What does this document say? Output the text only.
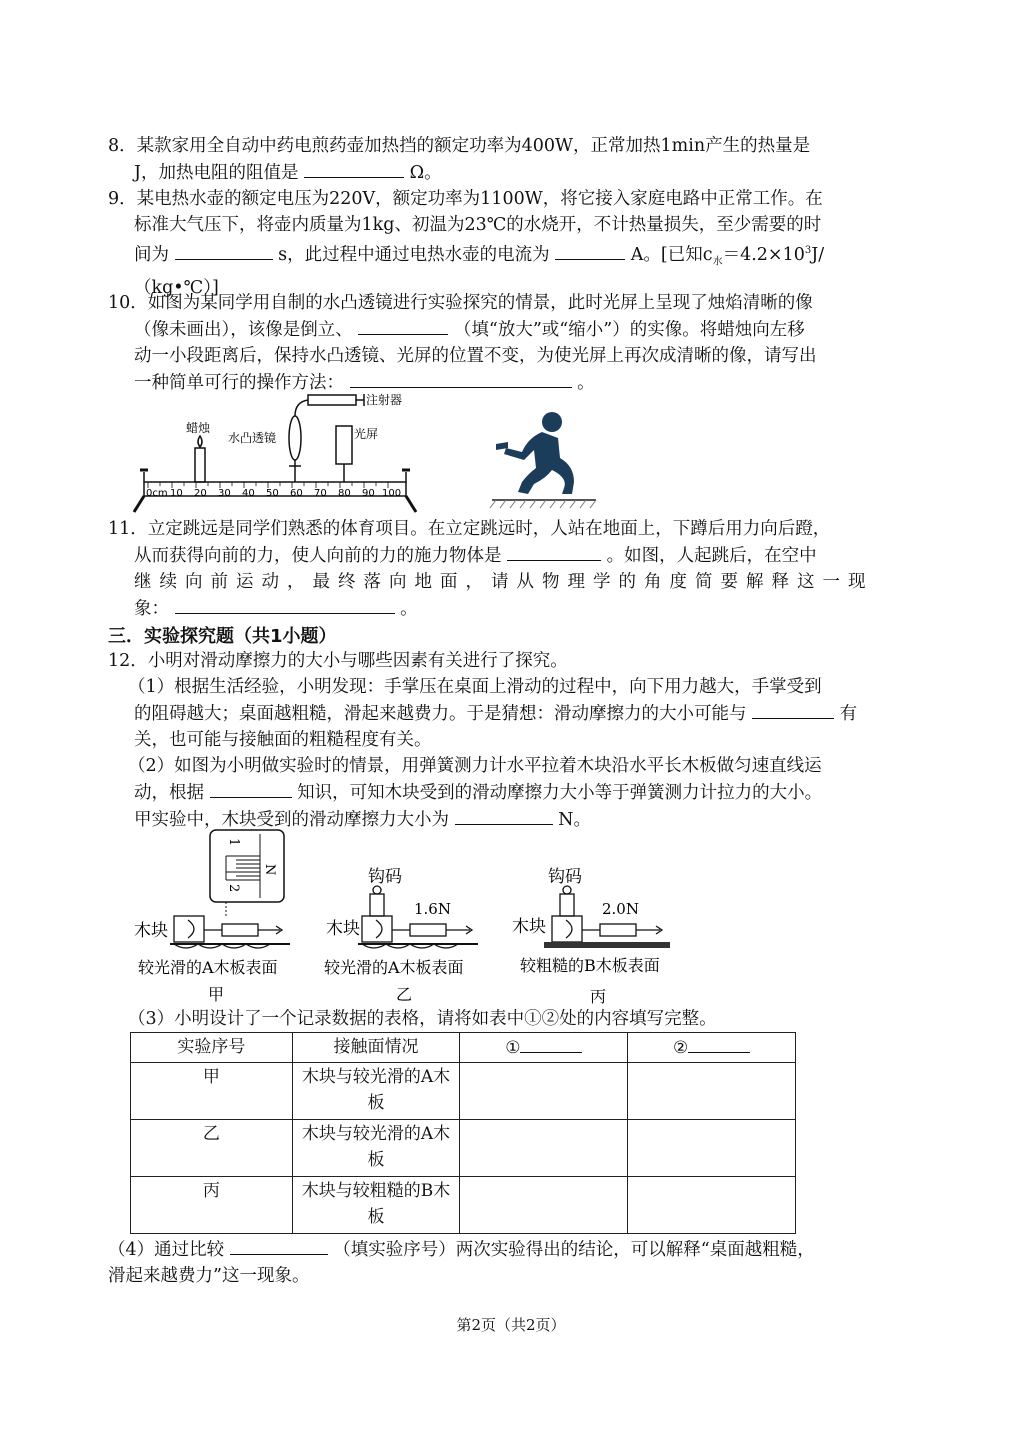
8．某款家用全自动中药电煎药壶加热挡的额定功率为400W，正常加热1min产生的热量是
J，加热电阻的阻值是	Ω。
9．某电热水壶的额定电压为220V，额定功率为1100W，将它接入家庭电路中正常工作。在
标准大气压下，将壶内质量为1kg、初温为23℃的水烧开，不计热量损失，至少需要的时
间为	s，此过程中通过电热水壶的电流为	A。[已知$c_水=4.2\times 10^3J/$
（kg•℃）]
10．如图为某同学用自制的水凸透镜进行实验探究的情景，此时光屏上呈现了烛焰清晰的像
（像未画出），该像是倒立、	（填“放大”或“缩小”）的实像。将蜡烛向左移
动一小段距离后，保持水凸透镜、光屏的位置不变，为使光屏上再次成清晰的像，请写出
一种简单可行的操作方法：	。
蜡烛
水凸透镜	光屏
注射器
0cm 10 20 30 40 50 60 70 80 90 100
11．立定跳远是同学们熟悉的体育项目。在立定跳远时，人站在地面上，下蹲后用力向后蹬，
从而获得向前的力，使人向前的力的施力物体是	。如图，人起跳后，在空中
继续向前运动，最终落向地面，请从物理学的角度简要解释这一现
象：	。
三．实验探究题（共1小题）
12．小明对滑动摩擦力的大小与哪些因素有关进行了探究。
（1）根据生活经验，小明发现：手掌压在桌面上滑动的过程中，向下用力越大，手掌受到
的阻碍越大；桌面越粗糙，滑起来越费力。于是猜想：滑动摩擦力的大小可能与	有
关，也可能与接触面的粗糙程度有关。
（2）如图为小明做实验时的情景，用弹簧测力计水平拉着木块沿水平长木板做匀速直线运
动，根据	知识，可知木块受到的滑动摩擦力大小等于弹簧测力计拉力的大小。
甲实验中，木块受到的滑动摩擦力大小为	N。
1
2
N
木块
较光滑的A木板表面
甲
钩码
1.6N
木块
较光滑的A木板表面
乙
钩码
2.0N
木块
较粗糙的B木板表面
丙
（3）小明设计了一个记录数据的表格，请将如表中①②处的内容填写完整。
实验序号	接触面情况	①	②
甲	木块与较光滑的A木板		
乙	木块与较光滑的A木板		
丙	木块与较粗糙的B木板		
（4）通过比较	（填实验序号）两次实验得出的结论，可以解释“桌面越粗糙，
滑起来越费力”这一现象。
第2页（共2页）
